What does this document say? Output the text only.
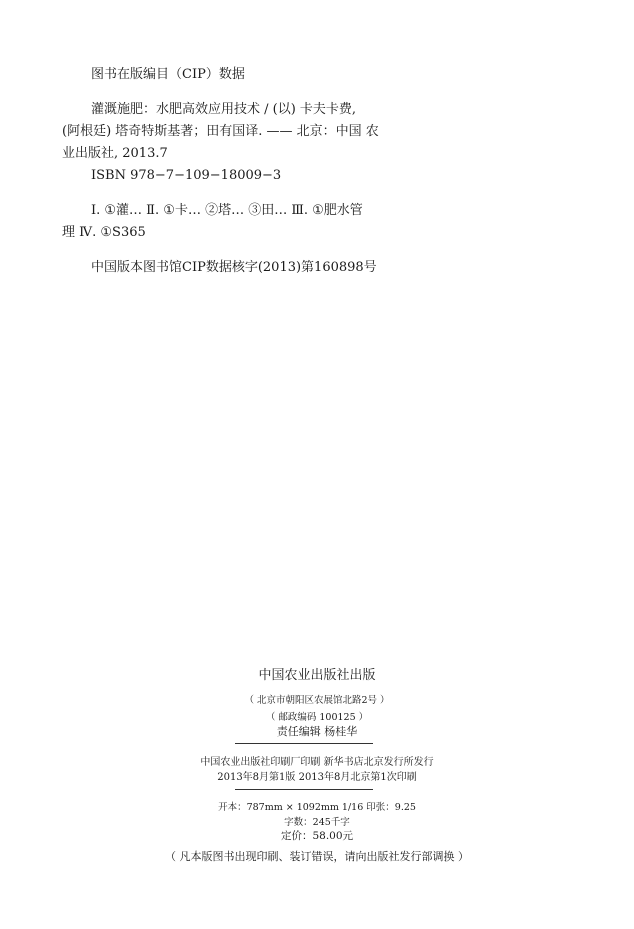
图书在版编目（CIP）数据

灌溉施肥：水肥高效应用技术 / (以) 卡夫卡费,

(阿根廷) 塔奇特斯基著；田有国译. —— 北京：中国 农

业出版社, 2013.7

ISBN 978−7−109−18009−3

Ⅰ. ①灌… Ⅱ. ①卡… ②塔… ③田… Ⅲ. ①肥水管

理 Ⅳ. ①S365

中国版本图书馆CIP数据核字(2013)第160898号

中国农业出版社出版
（ 北京市朝阳区农展馆北路2号 ）
（ 邮政编码 100125 ）
责任编辑 杨桂华
中国农业出版社印刷厂印刷 新华书店北京发行所发行
2013年8月第1版 2013年8月北京第1次印刷
开本：787mm × 1092mm 1/16 印张：9.25
字数：245千字
定价：58.00元
（ 凡本版图书出现印刷、装订错误，请向出版社发行部调换 ）
